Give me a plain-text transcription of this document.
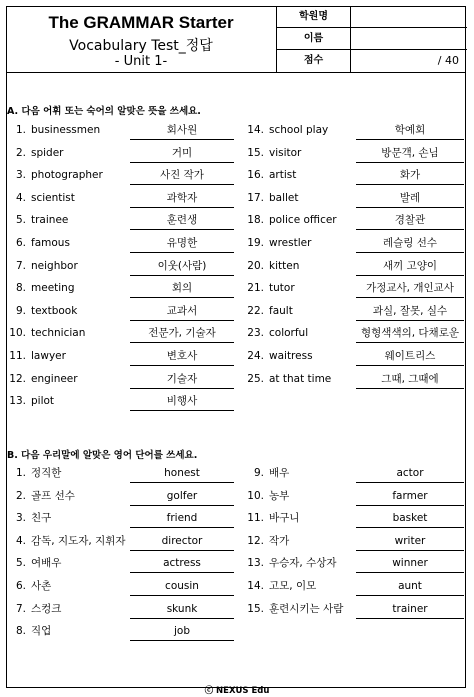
The GRAMMAR Starter
Vocabulary Test_정답
- Unit 1-
학원명
이름
점수	/ 40
A. 다음 어휘 또는 숙어의 알맞은 뜻을 쓰세요.
1. businessmen	회사원
2. spider	거미
3. photographer	사진 작가
4. scientist	과학자
5. trainee	훈련생
6. famous	유명한
7. neighbor	이웃(사람)
8. meeting	회의
9. textbook	교과서
10. technician	전문가, 기술자
11. lawyer	변호사
12. engineer	기술자
13. pilot	비행사
14. school play	학예회
15. visitor	방문객, 손님
16. artist	화가
17. ballet	발레
18. police officer	경찰관
19. wrestler	레슬링 선수
20. kitten	새끼 고양이
21. tutor	가정교사, 개인교사
22. fault	과실, 잘못, 실수
23. colorful	형형색색의, 다채로운
24. waitress	웨이트리스
25. at that time	그때, 그때에
B. 다음 우리말에 알맞은 영어 단어를 쓰세요.
1. 정직한	honest
2. 골프 선수	golfer
3. 친구	friend
4. 감독, 지도자, 지휘자	director
5. 여배우	actress
6. 사촌	cousin
7. 스컹크	skunk
8. 직업	job
9. 배우	actor
10. 농부	farmer
11. 바구니	basket
12. 작가	writer
13. 우승자, 수상자	winner
14. 고모, 이모	aunt
15. 훈련시키는 사람	trainer
ⓒ NEXUS Edu
